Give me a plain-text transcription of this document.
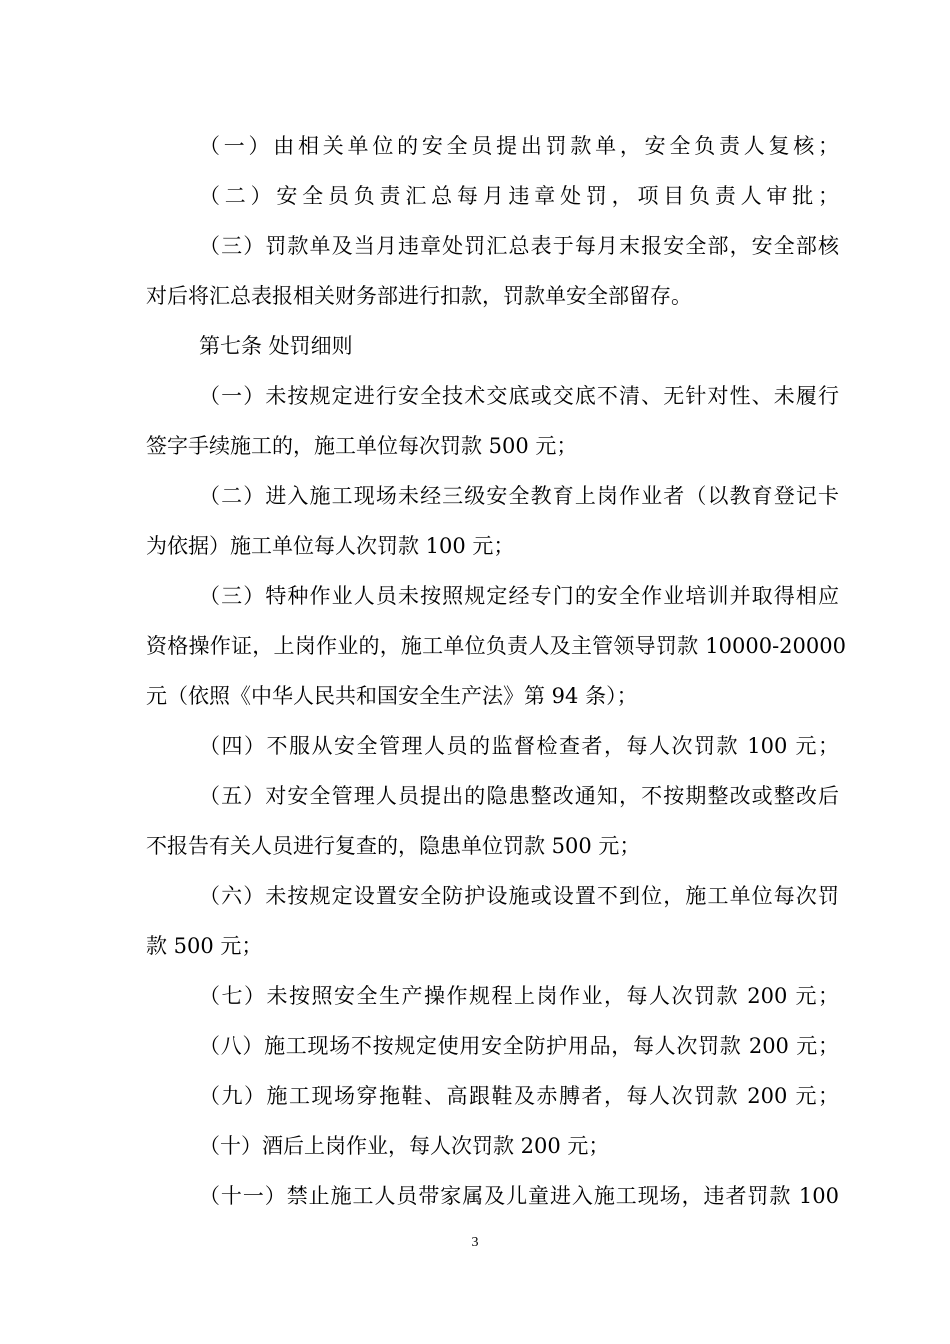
（一）由相关单位的安全员提出罚款单，安全负责人复核；
（二）安全员负责汇总每月违章处罚，项目负责人审批；
（三）罚款单及当月违章处罚汇总表于每月末报安全部，安全部核
对后将汇总表报相关财务部进行扣款，罚款单安全部留存。
第七条 处罚细则
（一）未按规定进行安全技术交底或交底不清、无针对性、未履行
签字手续施工的，施工单位每次罚款 500 元；
（二）进入施工现场未经三级安全教育上岗作业者（以教育登记卡
为依据）施工单位每人次罚款 100 元；
（三）特种作业人员未按照规定经专门的安全作业培训并取得相应
资格操作证，上岗作业的，施工单位负责人及主管领导罚款 10000-20000
元（依照《中华人民共和国安全生产法》第 94 条）；
（四）不服从安全管理人员的监督检查者，每人次罚款 100 元；
（五）对安全管理人员提出的隐患整改通知，不按期整改或整改后
不报告有关人员进行复查的，隐患单位罚款 500 元；
（六）未按规定设置安全防护设施或设置不到位，施工单位每次罚
款 500 元；
（七）未按照安全生产操作规程上岗作业，每人次罚款 200 元；
（八）施工现场不按规定使用安全防护用品，每人次罚款 200 元；
（九）施工现场穿拖鞋、高跟鞋及赤膊者，每人次罚款 200 元；
（十）酒后上岗作业，每人次罚款 200 元；
（十一）禁止施工人员带家属及儿童进入施工现场，违者罚款 100
3
